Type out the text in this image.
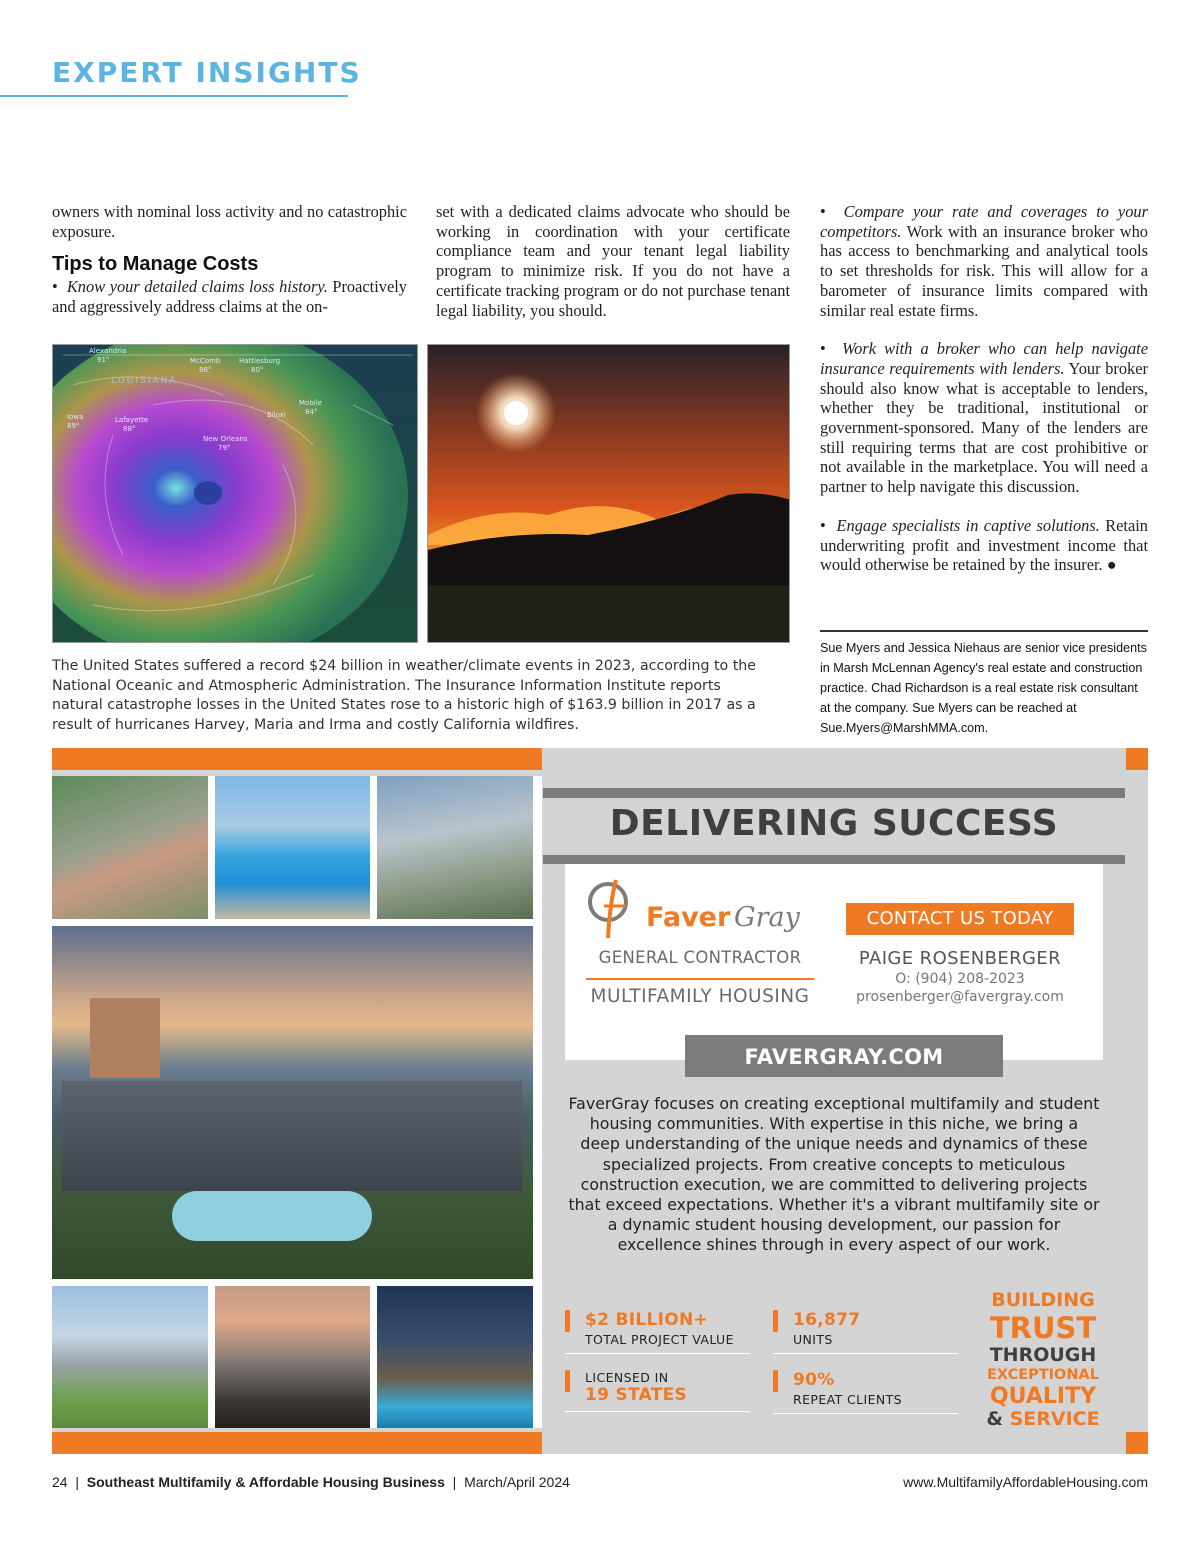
EXPERT INSIGHTS

owners with nominal loss activity and no catastrophic exposure.

Tips to Manage Costs

• Know your detailed claims loss history. Proactively and aggressively address claims at the on-

set with a dedicated claims advocate who should be working in coordination with your certificate compliance team and your tenant legal liability program to minimize risk. If you do not have a certificate tracking program or do not purchase tenant legal liability, you should.

• Compare your rate and coverages to your competitors. Work with an insurance broker who has access to benchmarking and analytical tools to set thresholds for risk. This will allow for a barometer of insurance limits compared with similar real estate firms.

• Work with a broker who can help navigate insurance requirements with lenders. Your broker should also know what is acceptable to lenders, whether they be traditional, institutional or government-sponsored. Many of the lenders are still requiring terms that are cost prohibitive or not available in the marketplace. You will need a partner to help navigate this discussion.

• Engage specialists in captive solutions. Retain underwriting profit and investment income that would otherwise be retained by the insurer. ●

Alexandria
91°
LOUISIANA
McComb
86°
Hattiesburg
80°
Iowa
89°
Lafayette
88°
Mobile
84°
Biloxi
New Orleans
79°
The United States suffered a record $24 billion in weather/climate events in 2023, according to the National Oceanic and Atmospheric Administration. The Insurance Information Institute reports natural catastrophe losses in the United States rose to a historic high of $163.9 billion in 2017 as a result of hurricanes Harvey, Maria and Irma and costly California wildfires.
Sue Myers and Jessica Niehaus are senior vice presidents in Marsh McLennan Agency's real estate and construction practice. Chad Richardson is a real estate risk consultant at the company. Sue Myers can be reached at Sue.Myers@MarshMMA.com.
DELIVERING SUCCESS
Faver Gray
GENERAL CONTRACTOR
MULTIFAMILY HOUSING
CONTACT US TODAY
PAIGE ROSENBERGER
O: (904) 208-2023
prosenberger@favergray.com
FAVERGRAY.COM
FaverGray focuses on creating exceptional multifamily and student housing communities. With expertise in this niche, we bring a deep understanding of the unique needs and dynamics of these specialized projects. From creative concepts to meticulous construction execution, we are committed to delivering projects that exceed expectations. Whether it's a vibrant multifamily site or a dynamic student housing development, our passion for excellence shines through in every aspect of our work.
$2 BILLION+
TOTAL PROJECT VALUE
16,877
UNITS
LICENSED IN
19 STATES
90%
REPEAT CLIENTS
BUILDING
TRUST
THROUGH
EXCEPTIONAL
QUALITY
& SERVICE
24 | Southeast Multifamily & Affordable Housing Business | March/April 2024	www.MultifamilyAffordableHousing.com
